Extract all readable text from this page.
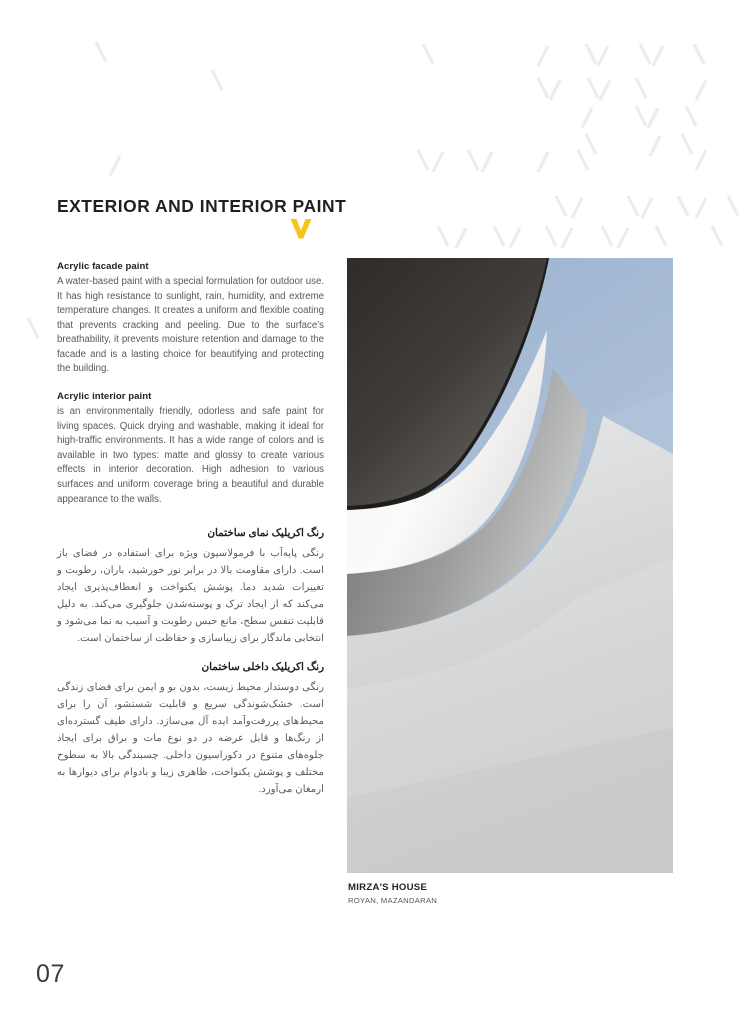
EXTERIOR AND INTERIOR PAINT

Acrylic facade paint

A water-based paint with a special formulation for outdoor use. It has high resistance to sunlight, rain, humidity, and extreme temperature changes. It creates a uniform and flexible coating that prevents cracking and peeling. Due to the surface’s breathability, it prevents moisture retention and damage to the facade and is a lasting choice for beautifying and protecting the building.

Acrylic interior paint

is an environmentally friendly, odorless and safe paint for living spaces. Quick drying and washable, making it ideal for high-traffic environments. It has a wide range of colors and is available in two types: matte and glossy to create various effects in interior decoration. High adhesion to various surfaces and uniform coverage bring a beautiful and durable appearance to the walls.

رنگ اکریلیک نمای ساختمان

رنگی پایه‌آب با فرمولاسیون ویژه برای استفاده در فضای باز است. دارای مقاومت بالا در برابر نور خورشید، باران، رطوبت و تغییرات شدید دما. پوشش یکنواخت و انعطاف‌پذیری ایجاد می‌کند که از ایجاد ترک و پوسته‌شدن جلوگیری می‌کند. به دلیل قابلیت تنفس سطح، مانع حبس رطوبت و آسیب به نما می‌شود و انتخابی ماندگار برای زیباسازی و حفاظت از ساختمان است.

رنگ اکریلیک داخلی ساختمان

رنگی دوستدار محیط زیست، بدون بو و ایمن برای فضای زندگی است. خشک‌شوندگی سریع و قابلیت شستشو، آن را برای محیط‌های پررفت‌وآمد ایده آل می‌سازد. دارای طیف گسترده‌ای از رنگ‌ها و قابل عرضه در دو نوع مات و براق برای ایجاد جلوه‌های متنوع در دکوراسیون داخلی. چسبندگی بالا به سطوح مختلف و پوشش یکنواخت، ظاهری زیبا و بادوام برای دیوارها به ارمغان می‌آورد.

MIRZA'S HOUSE

ROYAN, MAZANDARAN

07
